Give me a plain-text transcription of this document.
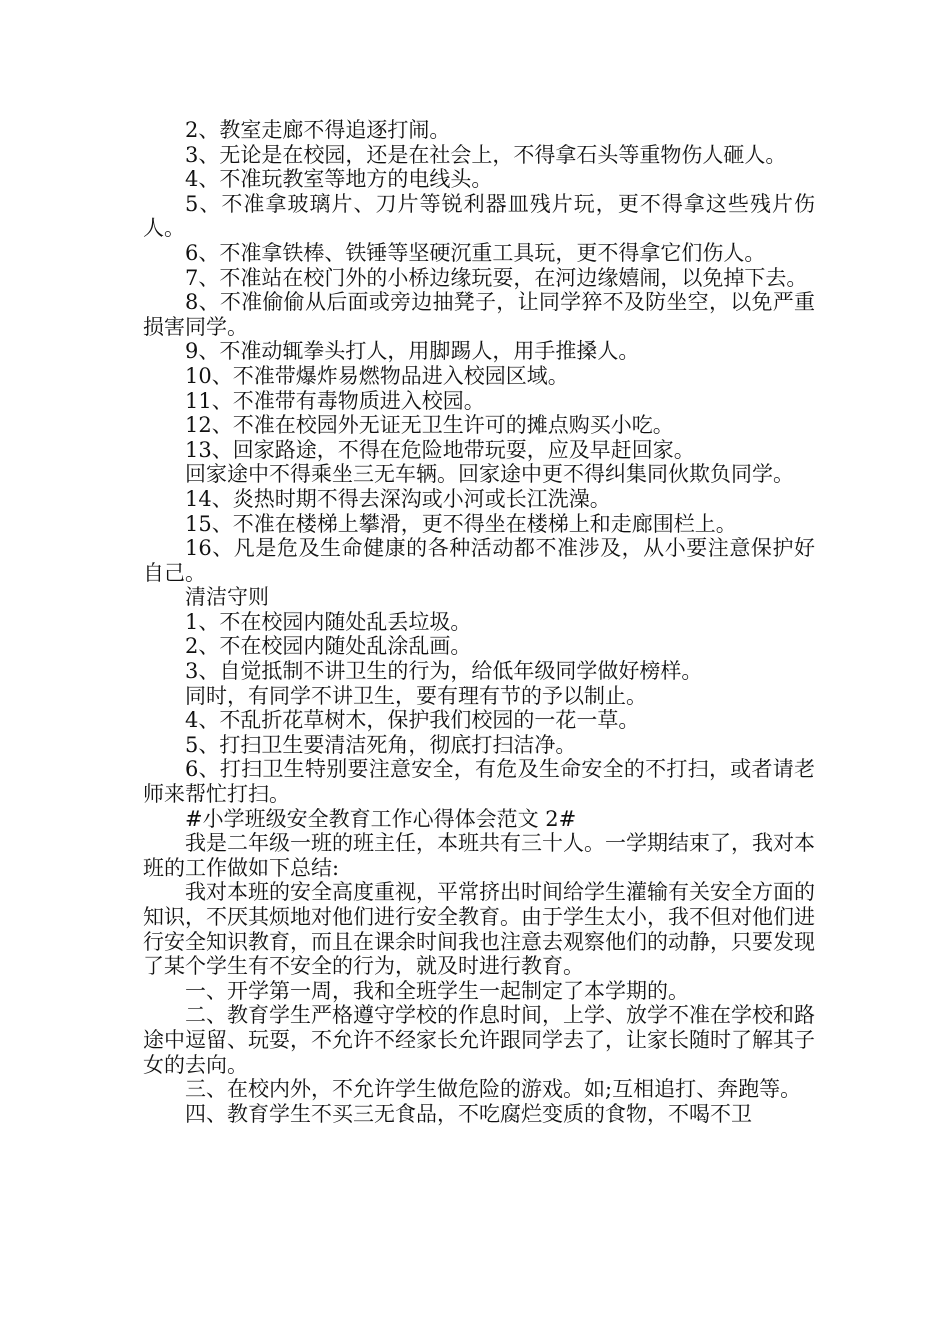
2、教室走廊不得追逐打闹。

3、无论是在校园，还是在社会上，不得拿石头等重物伤人砸人。

4、不准玩教室等地方的电线头。

5、不准拿玻璃片、刀片等锐利器皿残片玩，更不得拿这些残片伤人。

6、不准拿铁棒、铁锤等坚硬沉重工具玩，更不得拿它们伤人。

7、不准站在校门外的小桥边缘玩耍，在河边缘嬉闹，以免掉下去。

8、不准偷偷从后面或旁边抽凳子，让同学猝不及防坐空，以免严重损害同学。

9、不准动辄拳头打人，用脚踢人，用手推搡人。

10、不准带爆炸易燃物品进入校园区域。

11、不准带有毒物质进入校园。

12、不准在校园外无证无卫生许可的摊点购买小吃。

13、回家路途，不得在危险地带玩耍，应及早赶回家。

回家途中不得乘坐三无车辆。回家途中更不得纠集同伙欺负同学。

14、炎热时期不得去深沟或小河或长江洗澡。

15、不准在楼梯上攀滑，更不得坐在楼梯上和走廊围栏上。

16、凡是危及生命健康的各种活动都不准涉及，从小要注意保护好自己。

清洁守则

1、不在校园内随处乱丢垃圾。

2、不在校园内随处乱涂乱画。

3、自觉抵制不讲卫生的行为，给低年级同学做好榜样。

同时，有同学不讲卫生，要有理有节的予以制止。

4、不乱折花草树木，保护我们校园的一花一草。

5、打扫卫生要清洁死角，彻底打扫洁净。

6、打扫卫生特别要注意安全，有危及生命安全的不打扫，或者请老师来帮忙打扫。

#小学班级安全教育工作心得体会范文 2#

我是二年级一班的班主任，本班共有三十人。一学期结束了，我对本班的工作做如下总结:

我对本班的安全高度重视，平常挤出时间给学生灌输有关安全方面的知识，不厌其烦地对他们进行安全教育。由于学生太小，我不但对他们进行安全知识教育，而且在课余时间我也注意去观察他们的动静，只要发现了某个学生有不安全的行为，就及时进行教育。

一、开学第一周，我和全班学生一起制定了本学期的。

二、教育学生严格遵守学校的作息时间，上学、放学不准在学校和路途中逗留、玩耍，不允许不经家长允许跟同学去了，让家长随时了解其子女的去向。

三、在校内外，不允许学生做危险的游戏。如;互相追打、奔跑等。

四、教育学生不买三无食品，不吃腐烂变质的食物，不喝不卫
